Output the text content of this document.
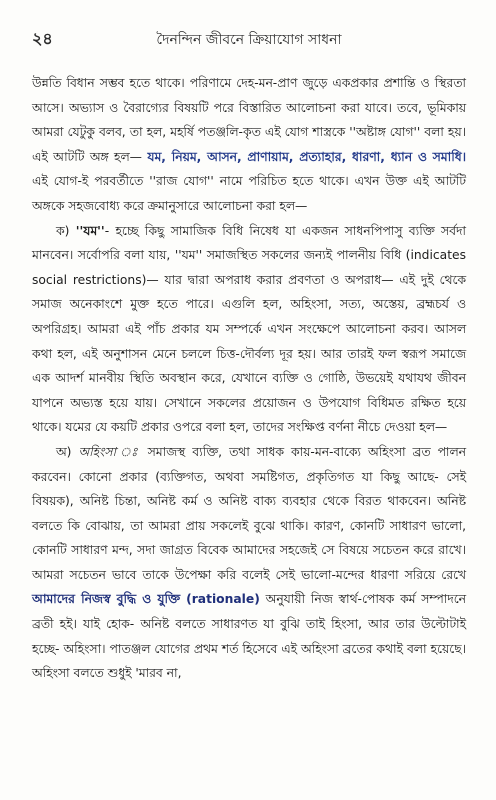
২৪	দৈনন্দিন জীবনে ক্রিয়াযোগ সাধনা

উন্নতি বিধান সম্ভব হতে থাকে। পরিণামে দেহ-মন-প্রাণ জুড়ে একপ্রকার প্রশান্তি ও স্থিরতা আসে। অভ্যাস ও বৈরাগ্যের বিষয়টি পরে বিস্তারিত আলোচনা করা যাবে। তবে, ভূমিকায় আমরা যেটুকু বলব, তা হল, মহর্ষি পতঞ্জলি-কৃত এই যোগ শাস্ত্রকে ''অষ্টাঙ্গ যোগ'' বলা হয়। এই আটটি অঙ্গ হল— যম, নিয়ম, আসন, প্রাণায়াম, প্রত্যাহার, ধারণা, ধ্যান ও সমাধি। এই যোগ-ই পরবর্তীতে ''রাজ যোগ'' নামে পরিচিত হতে থাকে। এখন উক্ত এই আটটি অঙ্গকে সহজবোধ্য করে ক্রমানুসারে আলোচনা করা হল—

ক) ''যম''- হচ্ছে কিছু সামাজিক বিধি নিষেধ যা একজন সাধনপিপাসু ব্যক্তি সর্বদা মানবেন। সর্বোপরি বলা যায়, ''যম'' সমাজস্থিত সকলের জন্যই পালনীয় বিধি (indicates social restrictions)— যার দ্বারা অপরাধ করার প্রবণতা ও অপরাধ— এই দুই থেকে সমাজ অনেকাংশে মুক্ত হতে পারে। এগুলি হল, অহিংসা, সত্য, অস্তেয়, ব্রহ্মচর্য ও অপরিগ্রহ। আমরা এই পাঁচ প্রকার যম সম্পর্কে এখন সংক্ষেপে আলোচনা করব। আসল কথা হল, এই অনুশাসন মেনে চললে চিত্ত-দৌর্বল্য দূর হয়। আর তারই ফল স্বরূপ সমাজে এক আদর্শ মানবীয় স্থিতি অবস্থান করে, যেখানে ব্যক্তি ও গোষ্ঠি, উভয়েই যথাযথ জীবন যাপনে অভ্যস্ত হয়ে যায়। সেখানে সকলের প্রয়োজন ও উপযোগ বিধিমত রক্ষিত হয়ে থাকে। যমের যে কয়টি প্রকার ওপরে বলা হল, তাদের সংক্ষিপ্ত বর্ণনা নীচে দেওয়া হল—

অ) অহিংসা ঃ সমাজস্থ ব্যক্তি, তথা সাধক কায়-মন-বাক্যে অহিংসা ব্রত পালন করবেন। কোনো প্রকার (ব্যক্তিগত, অথবা সমষ্টিগত, প্রকৃতিগত যা কিছু আছে- সেই বিষয়ক), অনিষ্ট চিন্তা, অনিষ্ট কর্ম ও অনিষ্ট বাক্য ব্যবহার থেকে বিরত থাকবেন। অনিষ্ট বলতে কি বোঝায়, তা আমরা প্রায় সকলেই বুঝে থাকি। কারণ, কোনটি সাধারণ ভালো, কোনটি সাধারণ মন্দ, সদা জাগ্রত বিবেক আমাদের সহজেই সে বিষয়ে সচেতন করে রাখে। আমরা সচেতন ভাবে তাকে উপেক্ষা করি বলেই সেই ভালো-মন্দের ধারণা সরিয়ে রেখে আমাদের নিজস্ব বুদ্ধি ও যুক্তি (rationale) অনুযায়ী নিজ স্বার্থ-পোষক কর্ম সম্পাদনে ব্রতী হই। যাই হোক- অনিষ্ট বলতে সাধারণত যা বুঝি তাই হিংসা, আর তার উল্টোটাই হচ্ছে- অহিংসা। পাতঞ্জল যোগের প্রথম শর্ত হিসেবে এই অহিংসা ব্রতের কথাই বলা হয়েছে। অহিংসা বলতে শুধুই 'মারব না,
